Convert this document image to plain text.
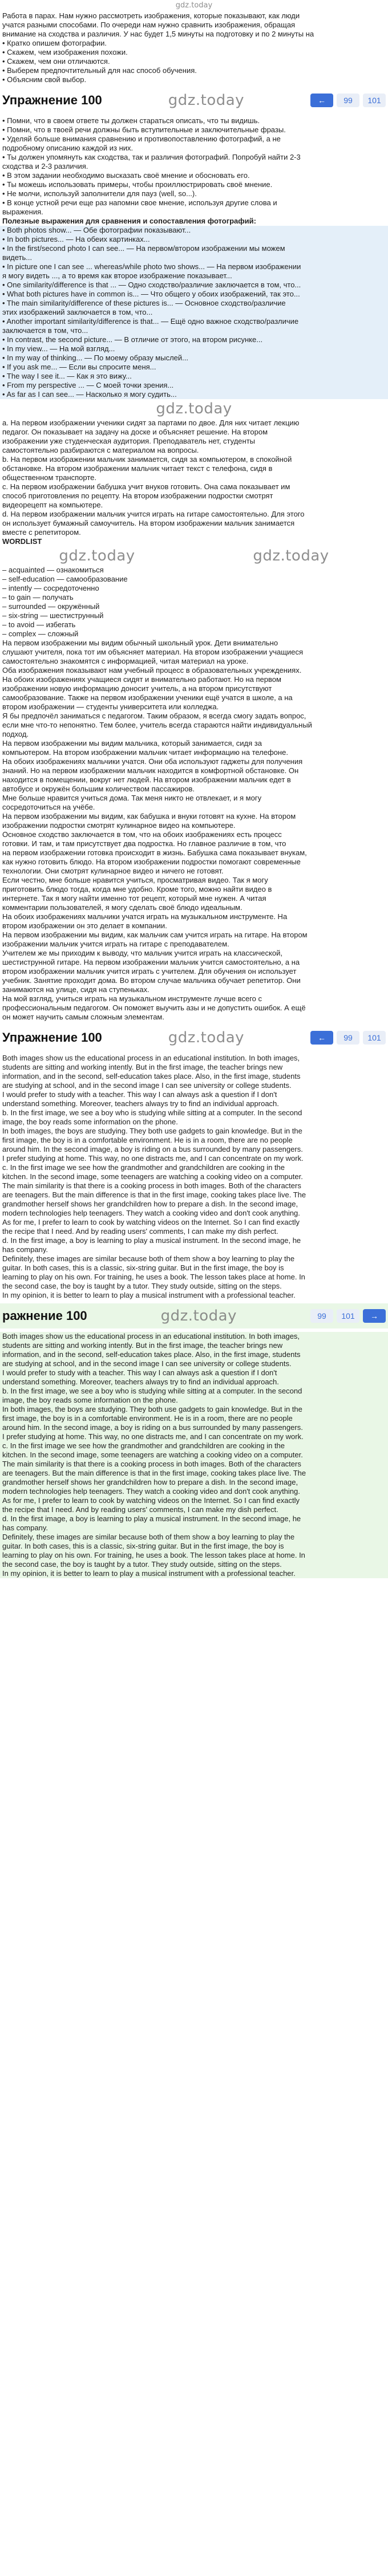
gdz.today

Работа в парах. Нам нужно рассмотреть изображения, которые показывают, как люди

учатся разными способами. По очереди нам нужно сравнить изображения, обращая

внимание на сходства и различия. У нас будет 1,5 минуты на подготовку и по 2 минуты на

• Кратко опишем фотографии.

• Скажем, чем изображения похожи.

• Скажем, чем они отличаются.

• Выберем предпочтительный для нас способ обучения.

• Объясним свой выбор.

Упражнение 100	gdz.today	←	99	101

• Помни, что в своем ответе ты должен стараться описать, что ты видишь.

• Помни, что в твоей речи должны быть вступительные и заключительные фразы.

• Уделяй больше внимания сравнению и противопоставлению фотографий, а не

подробному описанию каждой из них.

• Ты должен упомянуть как сходства, так и различия фотографий. Попробуй найти 2-3

сходства и 2-3 различия.

• В этом задании необходимо высказать своё мнение и обосновать его.

• Ты можешь использовать примеры, чтобы проиллюстрировать своё мнение.

• Не молчи, используй заполнители для пауз (well, so...).

• В конце устной речи еще раз напомни свое мнение, используя другие слова и

выражения.

Полезные выражения для сравнения и сопоставления фотографий:

• Both photos show... — Обе фотографии показывают...

• In both pictures... — На обеих картинках...

• In the first/second photo I can see... — На первом/втором изображении мы можем

видеть...

• In picture one I can see ... whereas/while photo two shows... — На первом изображении

я могу видеть ..., а то время как второе изображение показывает...

• One similarity/difference is that ... — Одно сходство/различие заключается в том, что...

• What both pictures have in common is... — Что общего у обоих изображений, так это...

• The main similarity/difference of these pictures is... — Основное сходство/различие

этих изображений заключается в том, что...

• Another important similarity/difference is that... — Ещё одно важное сходство/различие

заключается в том, что...

• In contrast, the second picture... — В отличие от этого, на втором рисунке...

• In my view... — На мой взгляд...

• In my way of thinking... — По моему образу мыслей...

• If you ask me... — Если вы спросите меня...

• The way I see it... — Как я это вижу...

• From my perspective ... — С моей точки зрения...

• As far as I can see... — Насколько я могу судить...

gdz.today

a. На первом изображении ученики сидят за партами по двое. Для них читает лекцию

педагог. Он показывает на задачу на доске и объясняет решение. На втором

изображении уже студенческая аудитория. Преподаватель нет, студенты

самостоятельно разбираются с материалом на вопросы.

b. На первом изображении мальчик занимается, сидя за компьютером, в спокойной

обстановке. На втором изображении мальчик читает текст с телефона, сидя в

общественном транспорте.

c. На первом изображении бабушка учит внуков готовить. Она сама показывает им

способ приготовления по рецепту. На втором изображении подростки смотрят

видеорецепт на компьютере.

d. На первом изображении мальчик учится играть на гитаре самостоятельно. Для этого

он использует бумажный самоучитель. На втором изображении мальчик занимается

вместе с репетитором.

WORDLIST

gdz.today	gdz.today

– acquainted — ознакомиться

– self-education — самообразование

– intently — сосредоточенно

– to gain — получать

– surrounded — окружённый

– six-string — шестиструнный

– to avoid — избегать

– complex — сложный

На первом изображении мы видим обычный школьный урок. Дети внимательно

слушают учителя, пока тот им объясняет материал. На втором изображении учащиеся

самостоятельно знакомятся с информацией, читая материал на уроке.

Оба изображения показывают нам учебный процесс в образовательных учреждениях.

На обоих изображениях учащиеся сидят и внимательно работают. Но на первом

изображении новую информацию доносит учитель, а на втором присутствуют

самообразование. Также на первом изображении ученики ещё учатся в школе, а на

втором изображении — студенты университета или колледжа.

Я бы предпочёл заниматься с педагогом. Таким образом, я всегда смогу задать вопрос,

если мне что-то непонятно. Тем более, учитель всегда стараются найти индивидуальный

подход.

На первом изображении мы видим мальчика, который занимается, сидя за

компьютером. На втором изображении мальчик читает информацию на телефоне.

На обоих изображениях мальчики учатся. Они оба используют гаджеты для получения

знаний. Но на первом изображении мальчик находится в комфортной обстановке. Он

находится в помещении, вокруг нет людей. На втором изображении мальчик едет в

автобусе и окружён большим количеством пассажиров.

Мне больше нравится учиться дома. Так меня никто не отвлекает, и я могу

сосредоточиться на учёбе.

На первом изображении мы видим, как бабушка и внуки готовят на кухне. На втором

изображении подростки смотрят кулинарное видео на компьютере.

Основное сходство заключается в том, что на обоих изображениях есть процесс

готовки. И там, и там присутствует два подростка. Но главное различие в том, что

на первом изображении готовка происходит в жизнь. Бабушка сама показывает внукам,

как нужно готовить блюдо. На втором изображении подростки помогают современные

технологии. Они смотрят кулинарное видео и ничего не готовят.

Если честно, мне больше нравится учиться, просматривая видео. Так я могу

приготовить блюдо тогда, когда мне удобно. Кроме того, можно найти видео в

интернете. Так я могу найти именно тот рецепт, который мне нужен. А читая

комментарии пользователей, я могу сделать своё блюдо идеальным.

На обоих изображениях мальчики учатся играть на музыкальном инструменте. На

втором изображении он это делает в компании.

На первом изображении мы видим, как мальчик сам учится играть на гитаре. На втором

изображении мальчик учится играть на гитаре с преподавателем.

Учителем же мы приходим к выводу, что мальчик учится играть на классической,

шестиструнной гитаре. На первом изображении мальчик учится самостоятельно, а на

втором изображении мальчик учится играть с учителем. Для обучения он использует

учебник. Занятие проходит дома. Во втором случае мальчика обучает репетитор. Они

занимаются на улице, сидя на ступеньках.

На мой взгляд, учиться играть на музыкальном инструменте лучше всего с

профессиональным педагогом. Он поможет выучить азы и не допустить ошибок. А ещё

он может научить самым сложным элементам.

Упражнение 100	gdz.today	←	99	101

Both images show us the educational process in an educational institution. In both images,

students are sitting and working intently. But in the first image, the teacher brings new

information, and in the second, self-education takes place. Also, in the first image, students

are studying at school, and in the second image I can see university or college students.

I would prefer to study with a teacher. This way I can always ask a question if I don't

understand something. Moreover, teachers always try to find an individual approach.

b. In the first image, we see a boy who is studying while sitting at a computer. In the second

image, the boy reads some information on the phone.

In both images, the boys are studying. They both use gadgets to gain knowledge. But in the

first image, the boy is in a comfortable environment. He is in a room, there are no people

around him. In the second image, a boy is riding on a bus surrounded by many passengers.

I prefer studying at home. This way, no one distracts me, and I can concentrate on my work.

c. In the first image we see how the grandmother and grandchildren are cooking in the

kitchen. In the second image, some teenagers are watching a cooking video on a computer.

The main similarity is that there is a cooking process in both images. Both of the characters

are teenagers. But the main difference is that in the first image, cooking takes place live. The

grandmother herself shows her grandchildren how to prepare a dish. In the second image,

modern technologies help teenagers. They watch a cooking video and don't cook anything.

As for me, I prefer to learn to cook by watching videos on the Internet. So I can find exactly

the recipe that I need. And by reading users' comments, I can make my dish perfect.

d. In the first image, a boy is learning to play a musical instrument. In the second image, he

has company.

Definitely, these images are similar because both of them show a boy learning to play the

guitar. In both cases, this is a classic, six-string guitar. But in the first image, the boy is

learning to play on his own. For training, he uses a book. The lesson takes place at home. In

the second case, the boy is taught by a tutor. They study outside, sitting on the steps.

In my opinion, it is better to learn to play a musical instrument with a professional teacher.

ражнение 100	gdz.today	99	101	→

Both images show us the educational process in an educational institution. In both images,

students are sitting and working intently. But in the first image, the teacher brings new

information, and in the second, self-education takes place. Also, in the first image, students

are studying at school, and in the second image I can see university or college students.

I would prefer to study with a teacher. This way I can always ask a question if I don't

understand something. Moreover, teachers always try to find an individual approach.

b. In the first image, we see a boy who is studying while sitting at a computer. In the second

image, the boy reads some information on the phone.

In both images, the boys are studying. They both use gadgets to gain knowledge. But in the

first image, the boy is in a comfortable environment. He is in a room, there are no people

around him. In the second image, a boy is riding on a bus surrounded by many passengers.

I prefer studying at home. This way, no one distracts me, and I can concentrate on my work.

c. In the first image we see how the grandmother and grandchildren are cooking in the

kitchen. In the second image, some teenagers are watching a cooking video on a computer.

The main similarity is that there is a cooking process in both images. Both of the characters

are teenagers. But the main difference is that in the first image, cooking takes place live. The

grandmother herself shows her grandchildren how to prepare a dish. In the second image,

modern technologies help teenagers. They watch a cooking video and don't cook anything.

As for me, I prefer to learn to cook by watching videos on the Internet. So I can find exactly

the recipe that I need. And by reading users' comments, I can make my dish perfect.

d. In the first image, a boy is learning to play a musical instrument. In the second image, he

has company.

Definitely, these images are similar because both of them show a boy learning to play the

guitar. In both cases, this is a classic, six-string guitar. But in the first image, the boy is

learning to play on his own. For training, he uses a book. The lesson takes place at home. In

the second case, the boy is taught by a tutor. They study outside, sitting on the steps.

In my opinion, it is better to learn to play a musical instrument with a professional teacher.
